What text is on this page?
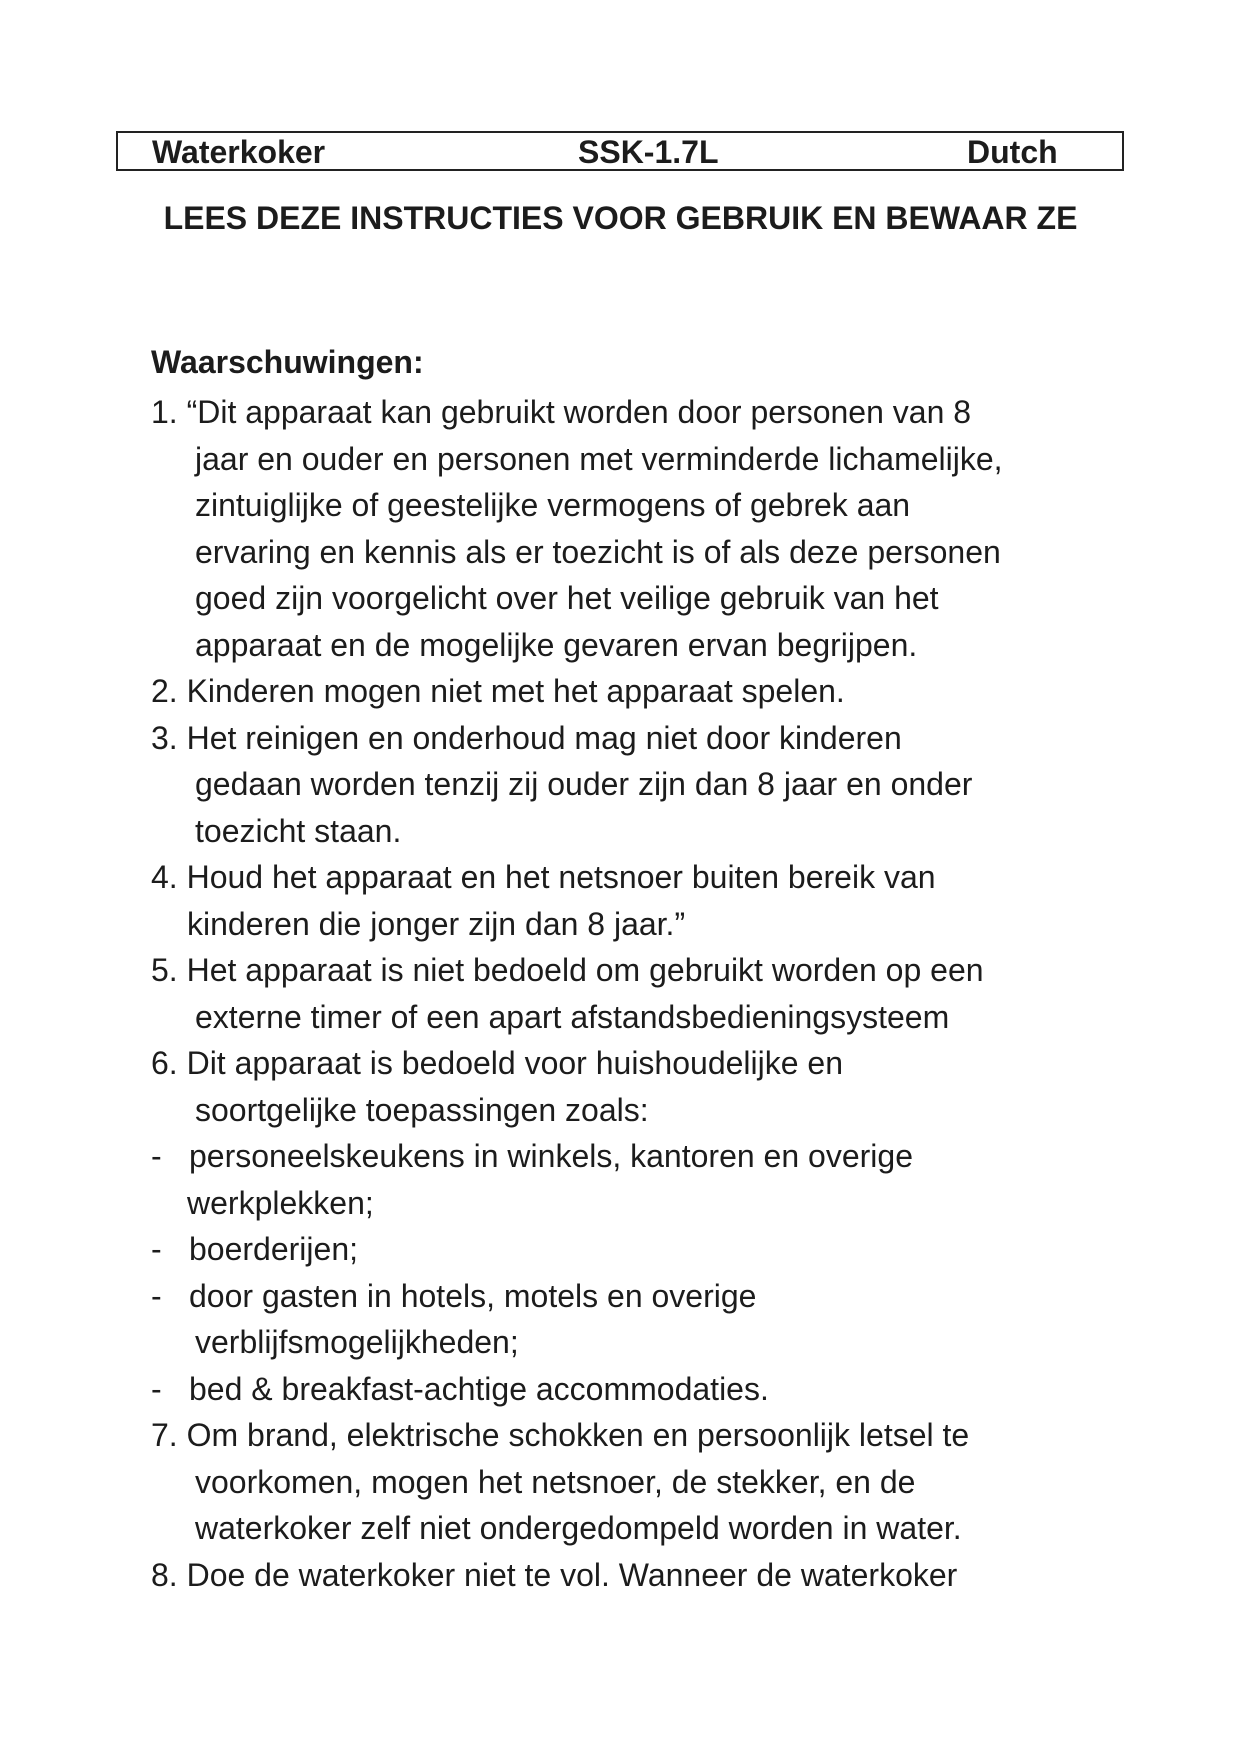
Waterkoker	SSK-1.7L	Dutch
LEES DEZE INSTRUCTIES VOOR GEBRUIK EN BEWAAR ZE
Waarschuwingen:
1. “Dit apparaat kan gebruikt worden door personen van 8
jaar en ouder en personen met verminderde lichamelijke,
zintuiglijke of geestelijke vermogens of gebrek aan
ervaring en kennis als er toezicht is of als deze personen
goed zijn voorgelicht over het veilige gebruik van het
apparaat en de mogelijke gevaren ervan begrijpen.
2. Kinderen mogen niet met het apparaat spelen.
3. Het reinigen en onderhoud mag niet door kinderen
gedaan worden tenzij zij ouder zijn dan 8 jaar en onder
toezicht staan.
4. Houd het apparaat en het netsnoer buiten bereik van
kinderen die jonger zijn dan 8 jaar.”
5. Het apparaat is niet bedoeld om gebruikt worden op een
externe timer of een apart afstandsbedieningsysteem
6. Dit apparaat is bedoeld voor huishoudelijke en
soortgelijke toepassingen zoals:
- personeelskeukens in winkels, kantoren en overige
werkplekken;
- boerderijen;
- door gasten in hotels, motels en overige
verblijfsmogelijkheden;
- bed & breakfast-achtige accommodaties.
7. Om brand, elektrische schokken en persoonlijk letsel te
voorkomen, mogen het netsnoer, de stekker, en de
waterkoker zelf niet ondergedompeld worden in water.
8. Doe de waterkoker niet te vol. Wanneer de waterkoker
